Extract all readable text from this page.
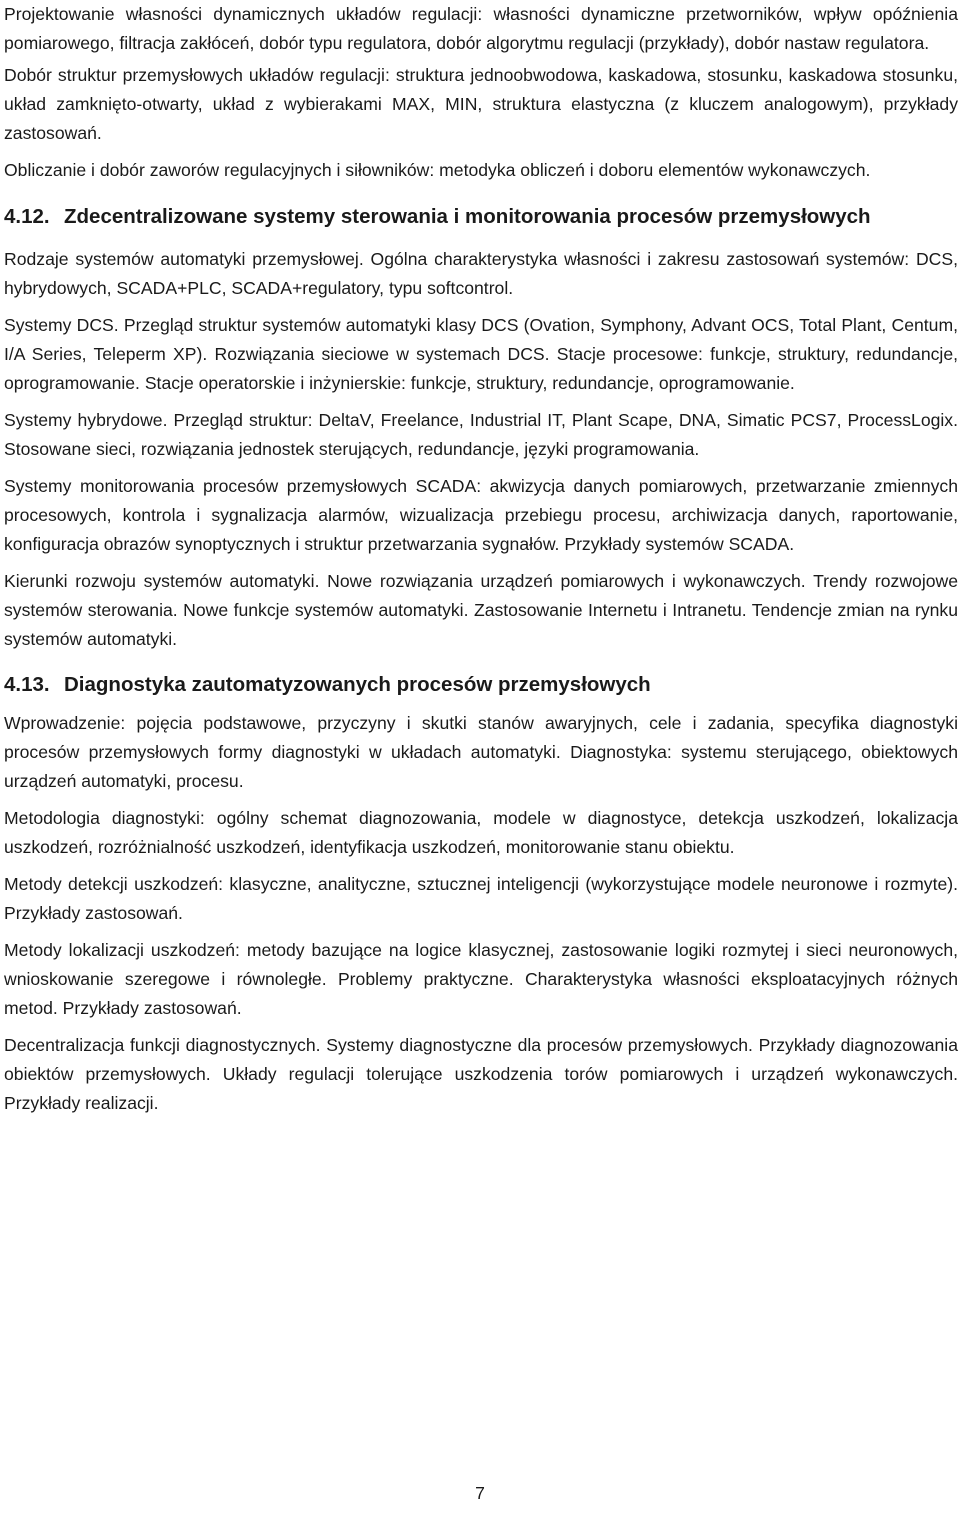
Projektowanie własności dynamicznych układów regulacji: własności dynamiczne przetworników, wpływ opóźnienia pomiarowego, filtracja zakłóceń, dobór typu regulatora, dobór algorytmu regulacji (przykłady), dobór nastaw regulatora.

Dobór struktur przemysłowych układów regulacji: struktura jednoobwodowa, kaskadowa, stosunku, kaskadowa stosunku, układ zamknięto-otwarty, układ z wybierakami MAX, MIN, struktura elastyczna (z kluczem analogowym), przykłady zastosowań.

Obliczanie i dobór zaworów regulacyjnych i siłowników: metodyka obliczeń i doboru elementów wykonawczych.

4.12. Zdecentralizowane systemy sterowania i monitorowania procesów przemysłowych

Rodzaje systemów automatyki przemysłowej. Ogólna charakterystyka własności i zakresu zastosowań systemów: DCS, hybrydowych, SCADA+PLC, SCADA+regulatory, typu softcontrol.

Systemy DCS. Przegląd struktur systemów automatyki klasy DCS (Ovation, Symphony, Advant OCS, Total Plant, Centum, I/A Series, Teleperm XP). Rozwiązania sieciowe w systemach DCS. Stacje procesowe: funkcje, struktury, redundancje, oprogramowanie. Stacje operatorskie i inżynierskie: funkcje, struktury, redundancje, oprogramowanie.

Systemy hybrydowe. Przegląd struktur: DeltaV, Freelance, Industrial IT, Plant Scape, DNA, Simatic PCS7, ProcessLogix. Stosowane sieci, rozwiązania jednostek sterujących, redundancje, języki programowania.

Systemy monitorowania procesów przemysłowych SCADA: akwizycja danych pomiarowych, przetwarzanie zmiennych procesowych, kontrola i sygnalizacja alarmów, wizualizacja przebiegu procesu, archiwizacja danych, raportowanie, konfiguracja obrazów synoptycznych i struktur przetwarzania sygnałów. Przykłady systemów SCADA.

Kierunki rozwoju systemów automatyki. Nowe rozwiązania urządzeń pomiarowych i wykonawczych. Trendy rozwojowe systemów sterowania. Nowe funkcje systemów automatyki. Zastosowanie Internetu i Intranetu. Tendencje zmian na rynku systemów automatyki.

4.13. Diagnostyka zautomatyzowanych procesów przemysłowych

Wprowadzenie: pojęcia podstawowe, przyczyny i skutki stanów awaryjnych, cele i zadania, specyfika diagnostyki procesów przemysłowych formy diagnostyki w układach automatyki. Diagnostyka: systemu sterującego, obiektowych urządzeń automatyki, procesu.

Metodologia diagnostyki: ogólny schemat diagnozowania, modele w diagnostyce, detekcja uszkodzeń, lokalizacja uszkodzeń, rozróżnialność uszkodzeń, identyfikacja uszkodzeń, monitorowanie stanu obiektu.

Metody detekcji uszkodzeń: klasyczne, analityczne, sztucznej inteligencji (wykorzystujące modele neuronowe i rozmyte). Przykłady zastosowań.

Metody lokalizacji uszkodzeń: metody bazujące na logice klasycznej, zastosowanie logiki rozmytej i sieci neuronowych, wnioskowanie szeregowe i równoległe. Problemy praktyczne. Charakterystyka własności eksploatacyjnych różnych metod. Przykłady zastosowań.

Decentralizacja funkcji diagnostycznych. Systemy diagnostyczne dla procesów przemysłowych. Przykłady diagnozowania obiektów przemysłowych. Układy regulacji tolerujące uszkodzenia torów pomiarowych i urządzeń wykonawczych. Przykłady realizacji.

7
